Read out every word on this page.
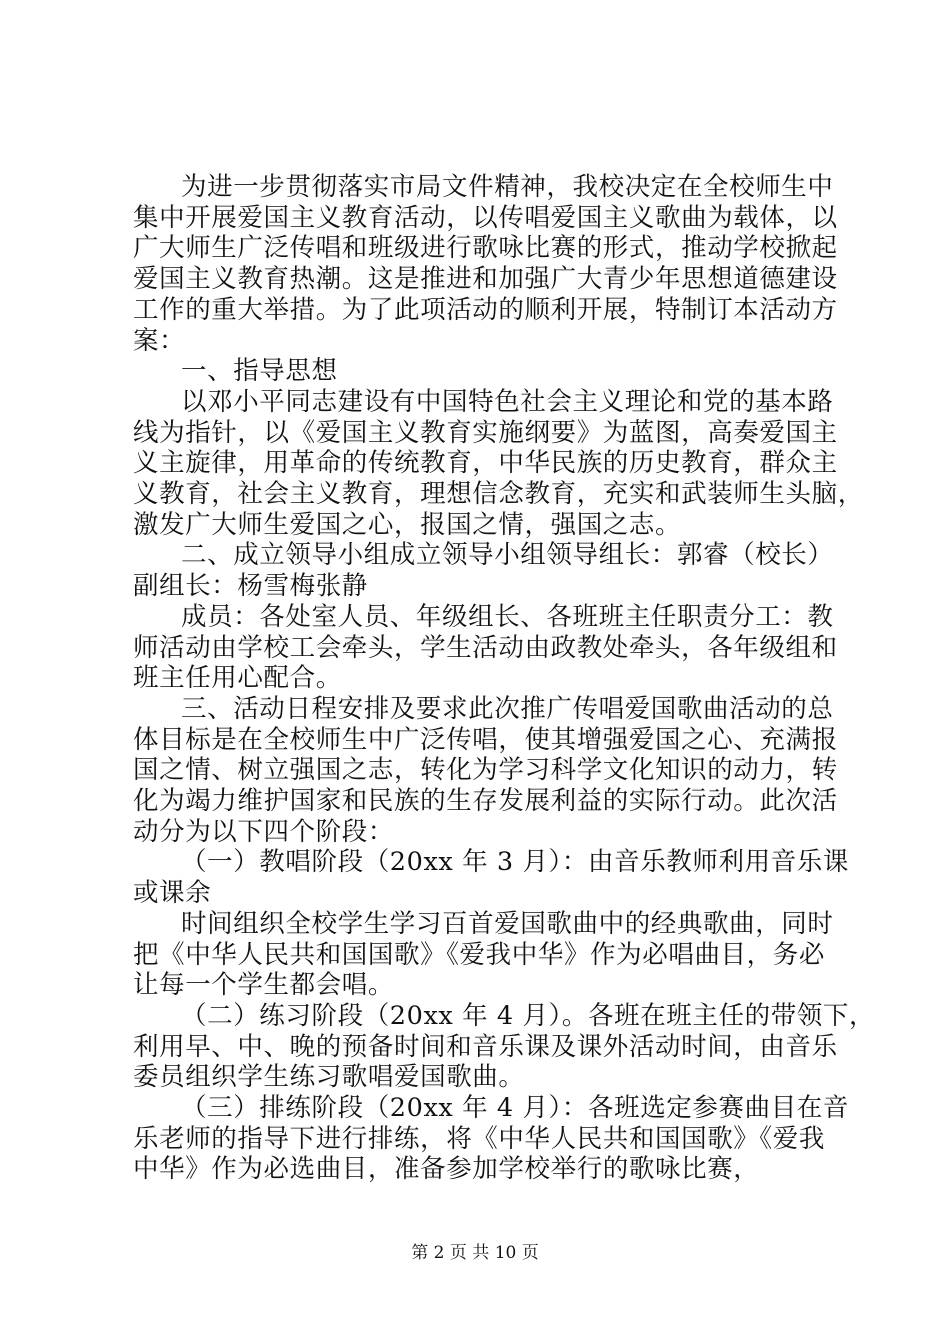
为进一步贯彻落实市局文件精神，我校决定在全校师生中
集中开展爱国主义教育活动，以传唱爱国主义歌曲为载体，以
广大师生广泛传唱和班级进行歌咏比赛的形式，推动学校掀起
爱国主义教育热潮。这是推进和加强广大青少年思想道德建设
工作的重大举措。为了此项活动的顺利开展，特制订本活动方
案：
一、指导思想
以邓小平同志建设有中国特色社会主义理论和党的基本路
线为指针，以《爱国主义教育实施纲要》为蓝图，高奏爱国主
义主旋律，用革命的传统教育，中华民族的历史教育，群众主
义教育，社会主义教育，理想信念教育，充实和武装师生头脑，
激发广大师生爱国之心，报国之情，强国之志。
二、成立领导小组成立领导小组领导组长：郭睿（校长）
副组长：杨雪梅张静
成员：各处室人员、年级组长、各班班主任职责分工：教
师活动由学校工会牵头，学生活动由政教处牵头，各年级组和
班主任用心配合。
三、活动日程安排及要求此次推广传唱爱国歌曲活动的总
体目标是在全校师生中广泛传唱，使其增强爱国之心、充满报
国之情、树立强国之志，转化为学习科学文化知识的动力，转
化为竭力维护国家和民族的生存发展利益的实际行动。此次活
动分为以下四个阶段：
（一）教唱阶段（20xx 年 3 月）：由音乐教师利用音乐课
或课余
时间组织全校学生学习百首爱国歌曲中的经典歌曲，同时
把《中华人民共和国国歌》《爱我中华》作为必唱曲目，务必
让每一个学生都会唱。
（二）练习阶段（20xx 年 4 月）。各班在班主任的带领下，
利用早、中、晚的预备时间和音乐课及课外活动时间，由音乐
委员组织学生练习歌唱爱国歌曲。
（三）排练阶段（20xx 年 4 月）：各班选定参赛曲目在音
乐老师的指导下进行排练，将《中华人民共和国国歌》《爱我
中华》作为必选曲目，准备参加学校举行的歌咏比赛，
第 2 页 共 10 页
